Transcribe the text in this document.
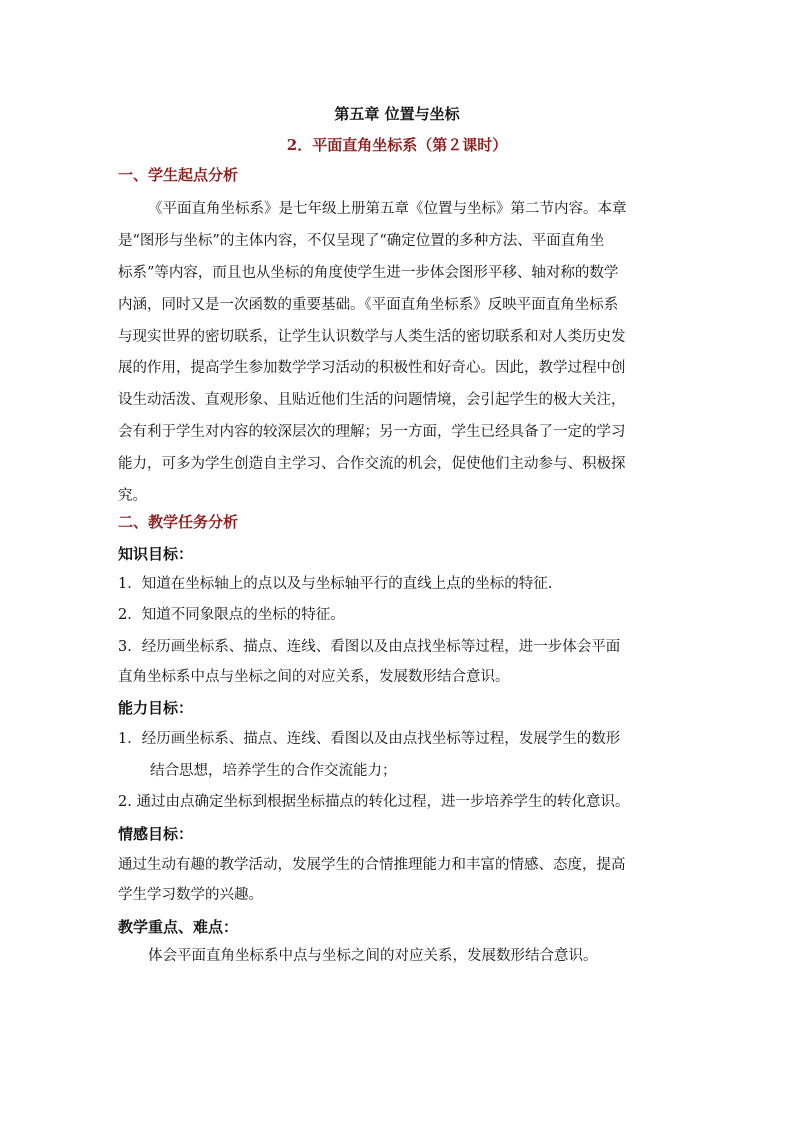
第五章 位置与坐标
2．平面直角坐标系（第２课时）
一、学生起点分析
《平面直角坐标系》是七年级上册第五章《位置与坐标》第二节内容。本章
是“图形与坐标”的主体内容，不仅呈现了“确定位置的多种方法、平面直角坐
标系”等内容，而且也从坐标的角度使学生进一步体会图形平移、轴对称的数学
内涵，同时又是一次函数的重要基础。《平面直角坐标系》反映平面直角坐标系
与现实世界的密切联系，让学生认识数学与人类生活的密切联系和对人类历史发
展的作用，提高学生参加数学学习活动的积极性和好奇心。因此，教学过程中创
设生动活泼、直观形象、且贴近他们生活的问题情境，会引起学生的极大关注，
会有利于学生对内容的较深层次的理解；另一方面，学生已经具备了一定的学习
能力，可多为学生创造自主学习、合作交流的机会，促使他们主动参与、积极探
究。
二、教学任务分析
知识目标：
1．知道在坐标轴上的点以及与坐标轴平行的直线上点的坐标的特征.
2．知道不同象限点的坐标的特征。
3．经历画坐标系、描点、连线、看图以及由点找坐标等过程，进一步体会平面
直角坐标系中点与坐标之间的对应关系，发展数形结合意识。
能力目标：
1．经历画坐标系、描点、连线、看图以及由点找坐标等过程，发展学生的数形
结合思想，培养学生的合作交流能力；
2. 通过由点确定坐标到根据坐标描点的转化过程，进一步培养学生的转化意识。
情感目标：
通过生动有趣的教学活动，发展学生的合情推理能力和丰富的情感、态度，提高
学生学习数学的兴趣。
教学重点、难点：
体会平面直角坐标系中点与坐标之间的对应关系，发展数形结合意识。
